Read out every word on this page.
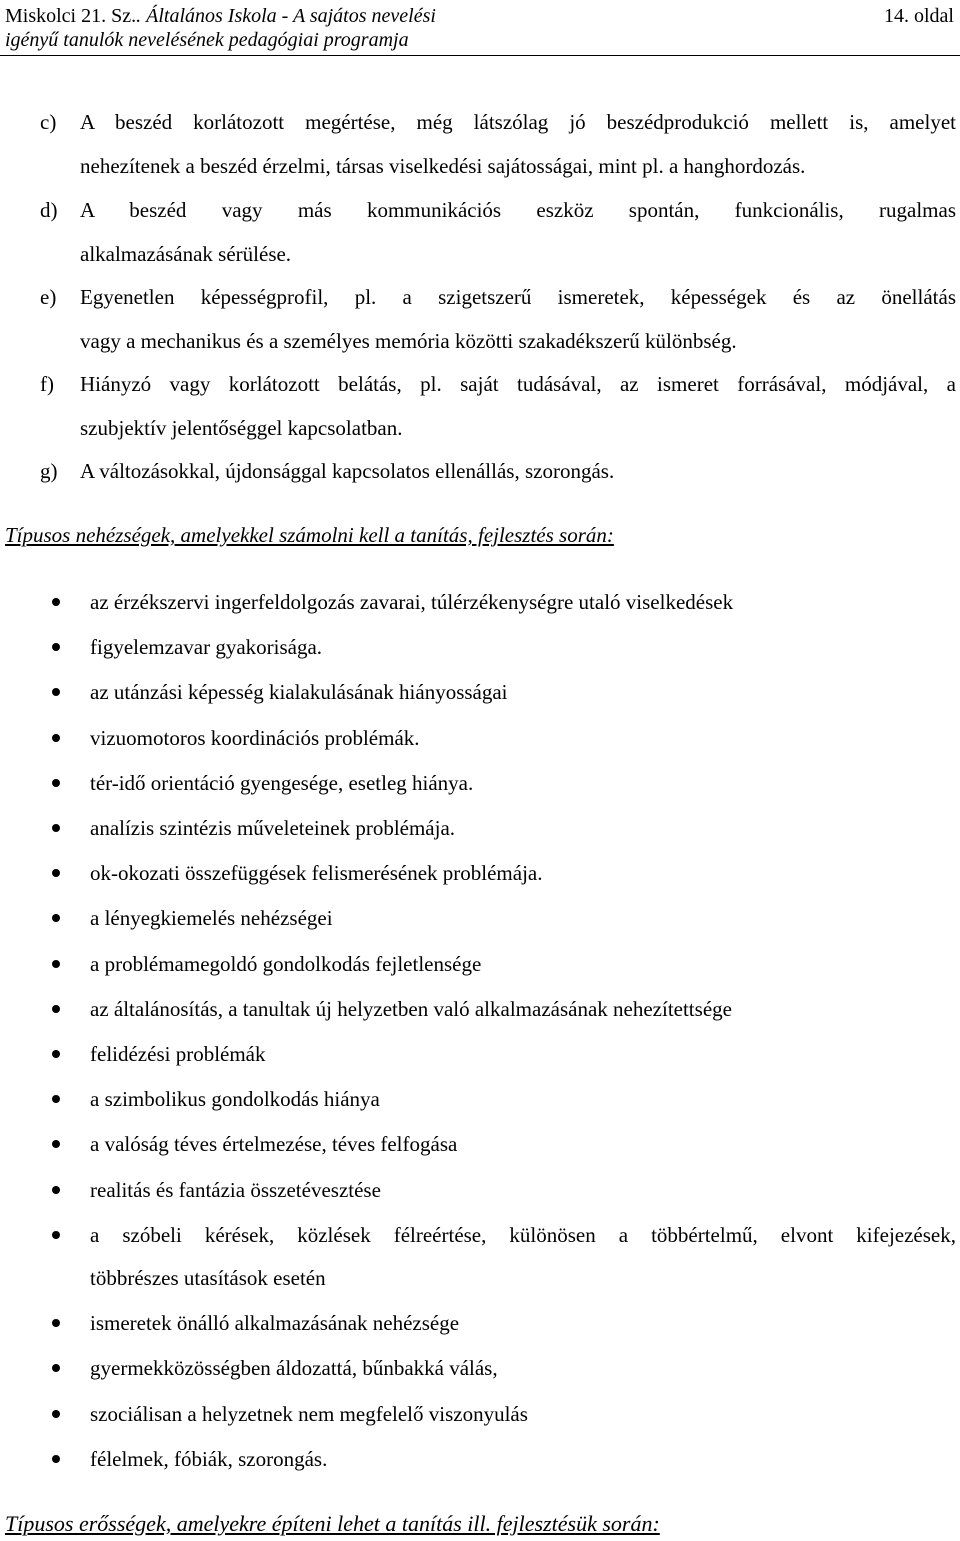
Miskolci 21. Sz.. Általános Iskola - A sajátos nevelési
igényű tanulók nevelésének pedagógiai programja
14. oldal
c) A beszéd korlátozott megértése, még látszólag jó beszédprodukció mellett is, amelyet
nehezítenek a beszéd érzelmi, társas viselkedési sajátosságai, mint pl. a hanghordozás.
d) A beszéd vagy más kommunikációs eszköz spontán, funkcionális, rugalmas
alkalmazásának sérülése.
e) Egyenetlen képességprofil, pl. a szigetszerű ismeretek, képességek és az önellátás
vagy a mechanikus és a személyes memória közötti szakadékszerű különbség.
f) Hiányzó vagy korlátozott belátás, pl. saját tudásával, az ismeret forrásával, módjával, a
szubjektív jelentőséggel kapcsolatban.
g) A változásokkal, újdonsággal kapcsolatos ellenállás, szorongás.
Típusos nehézségek, amelyekkel számolni kell a tanítás, fejlesztés során:
az érzékszervi ingerfeldolgozás zavarai, túlérzékenységre utaló viselkedések
figyelemzavar gyakorisága.
az utánzási képesség kialakulásának hiányosságai
vizuomotoros koordinációs problémák.
tér-idő orientáció gyengesége, esetleg hiánya.
analízis szintézis műveleteinek problémája.
ok-okozati összefüggések felismerésének problémája.
a lényegkiemelés nehézségei
a problémamegoldó gondolkodás fejletlensége
az általánosítás, a tanultak új helyzetben való alkalmazásának nehezítettsége
felidézési problémák
a szimbolikus gondolkodás hiánya
a valóság téves értelmezése, téves felfogása
realitás és fantázia összetévesztése
a szóbeli kérések, közlések félreértése, különösen a többértelmű, elvont kifejezések,
többrészes utasítások esetén
ismeretek önálló alkalmazásának nehézsége
gyermekközösségben áldozattá, bűnbakká válás,
szociálisan a helyzetnek nem megfelelő viszonyulás
félelmek, fóbiák, szorongás.
Típusos erősségek, amelyekre építeni lehet a tanítás ill. fejlesztésük során:
